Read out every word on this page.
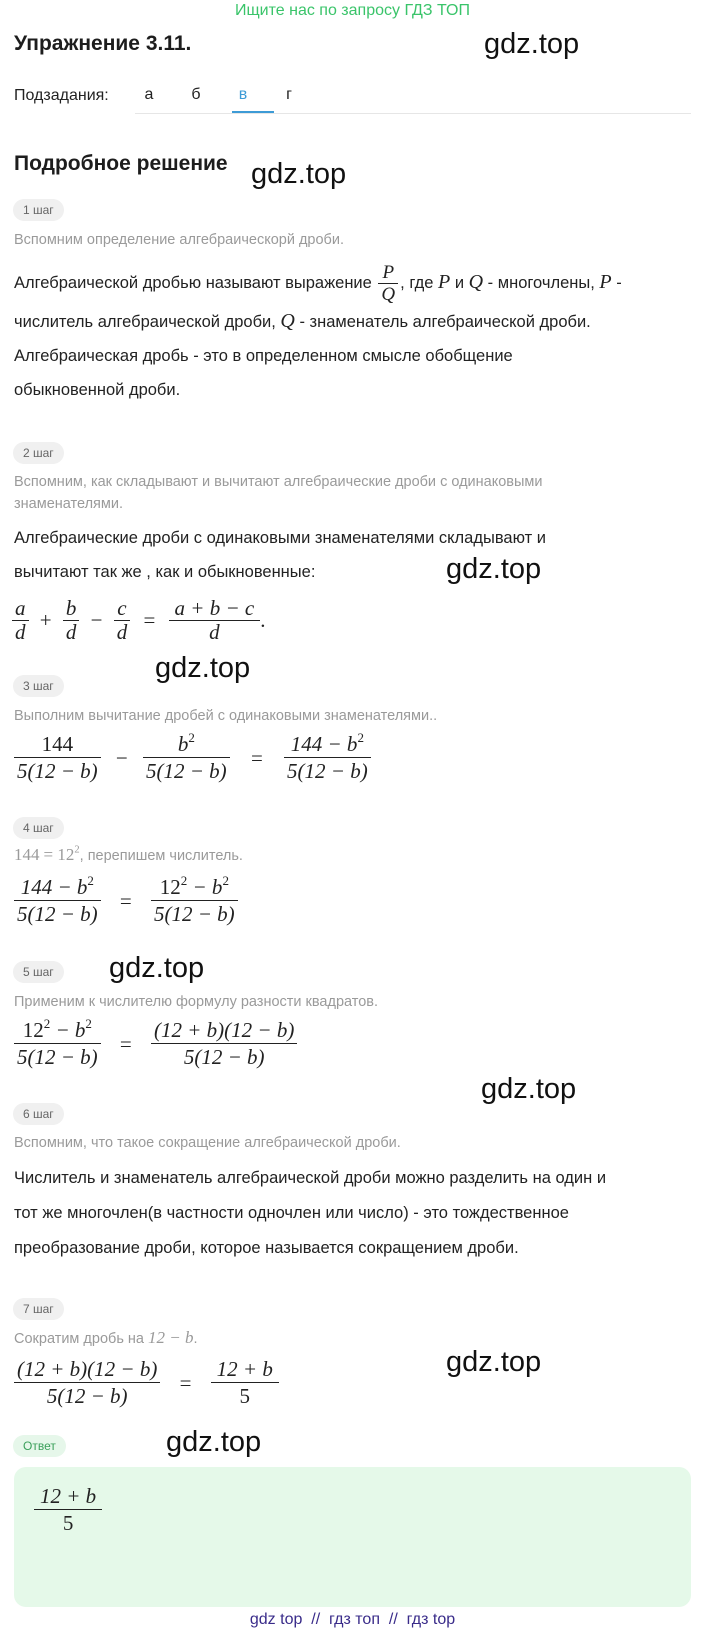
Ищите нас по запросу ГДЗ ТОП
Упражнение 3.11.	gdz.top
Подзадания:	а	б	в	г
Подробное решение gdz.top
1 шаг
Вспомним определение алгебраическорй дроби.
Алгебраической дробью называют выражение $\frac{P}{Q}$ , где P и Q - многочлены, P -
числитель алгебраической дроби, Q - знаменатель алгебраической дроби.
Алгебраическая дробь - это в определенном смысле обобщение
обыкновенной дроби.
2 шаг
Вспомним, как складывают и вычитают алгебраические дроби с одинаковыми знаменателями.
Алгебраические дроби с одинаковыми знаменателями складывают и
вычитают так же , как и обыкновенные:	gdz.top
$\frac{a}{d} + \frac{b}{d} - \frac{c}{d} = \frac{a + b - c}{d}$ .
gdz.top
3 шаг
Выполним вычитание дробей с одинаковыми знаменателями..
$\frac{144}{5(12 - b)} - \frac{b^2}{5(12 - b)} = \frac{144 - b^2}{5(12 - b)}$
4 шаг
$144 = 12^2$, перепишем числитель.
$\frac{144 - b^2}{5(12 - b)} = \frac{12^2 - b^2}{5(12 - b)}$
5 шаг	gdz.top
Применим к числителю формулу разности квадратов.
$\frac{12^2 - b^2}{5(12 - b)} = \frac{(12 + b)(12 - b)}{5(12 - b)}$
gdz.top
6 шаг
Вспомним, что такое сокращение алгебраической дроби.
Числитель и знаменатель алгебраической дроби можно разделить на один и
тот же многочлен(в частности одночлен или число) - это тождественное
преобразование дроби, которое называется сокращением дроби.
7 шаг
Сократим дробь на 12 − b.
gdz.top
$\frac{(12 + b)(12 - b)}{5(12 - b)} = \frac{12 + b}{5}$
Ответ	gdz.top
$\frac{12 + b}{5}$
gdz top  //  гдз топ  //  гдз top
